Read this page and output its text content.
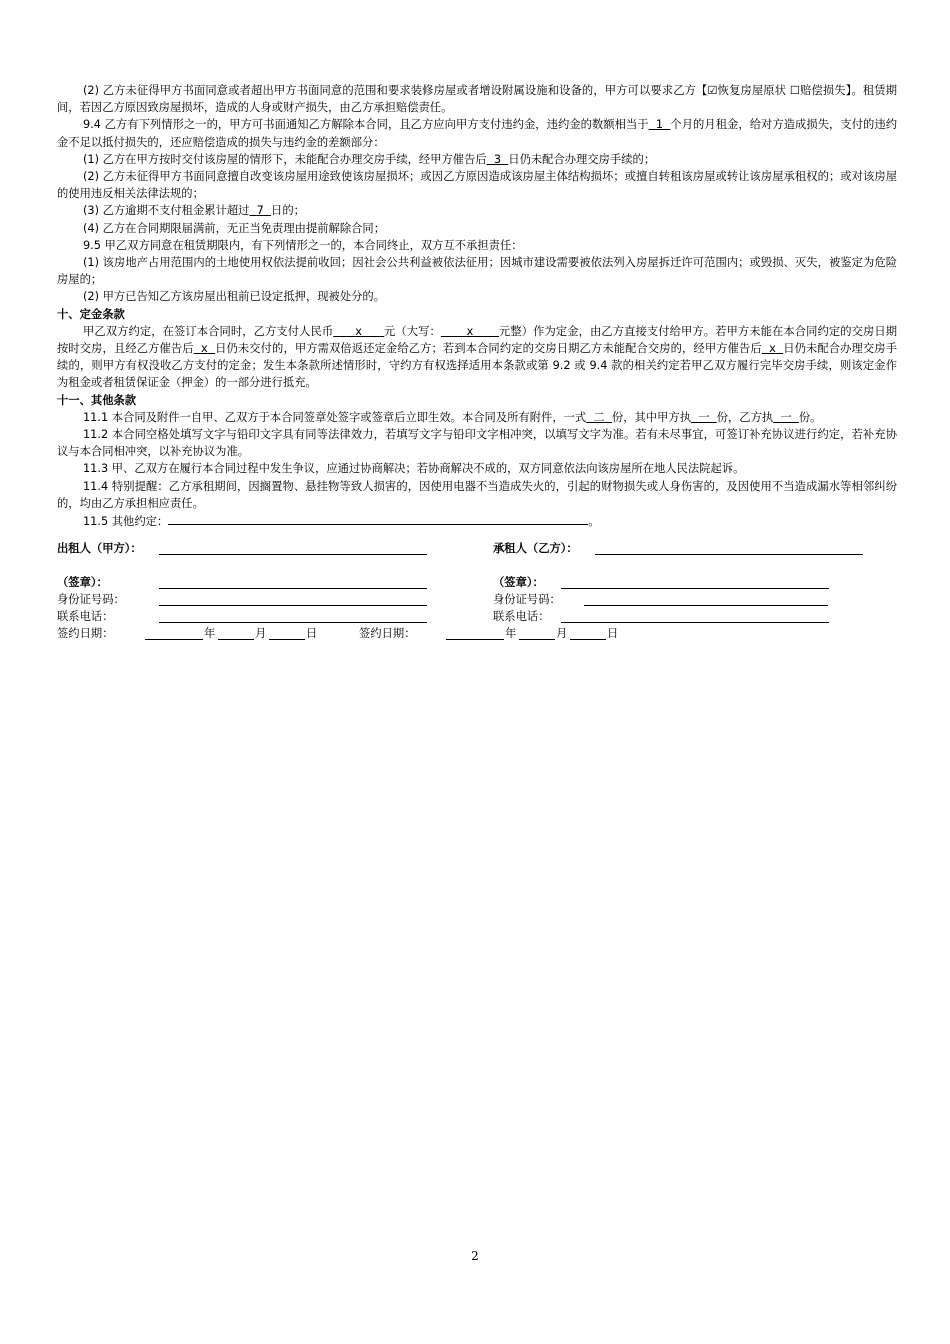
(2) 乙方未征得甲方书面同意或者超出甲方书面同意的范围和要求装修房屋或者增设附属设施和设备的，甲方可以要求乙方【☑恢复房屋原状 ☐赔偿损失】。租赁期间，若因乙方原因致房屋损坏，造成的人身或财产损失，由乙方承担赔偿责任。

9.4 乙方有下列情形之一的，甲方可书面通知乙方解除本合同，且乙方应向甲方支付违约金，违约金的数额相当于 1 个月的月租金，给对方造成损失，支付的违约金不足以抵付损失的，还应赔偿造成的损失与违约金的差额部分：

(1) 乙方在甲方按时交付该房屋的情形下，未能配合办理交房手续，经甲方催告后 3 日仍未配合办理交房手续的；

(2) 乙方未征得甲方书面同意擅自改变该房屋用途致使该房屋损坏；或因乙方原因造成该房屋主体结构损坏；或擅自转租该房屋或转让该房屋承租权的；或对该房屋的使用违反相关法律法规的；

(3) 乙方逾期不支付租金累计超过 7 日的；

(4) 乙方在合同期限届满前，无正当免责理由提前解除合同；

9.5 甲乙双方同意在租赁期限内，有下列情形之一的，本合同终止，双方互不承担责任：

(1) 该房地产占用范围内的土地使用权依法提前收回；因社会公共利益被依法征用；因城市建设需要被依法列入房屋拆迁许可范围内；或毁损、灭失，被鉴定为危险房屋的；

(2) 甲方已告知乙方该房屋出租前已设定抵押，现被处分的。

十、定金条款

甲乙双方约定，在签订本合同时，乙方支付人民币 x 元（大写： x 元整）作为定金，由乙方直接支付给甲方。若甲方未能在本合同约定的交房日期按时交房，且经乙方催告后 x 日仍未交付的，甲方需双倍返还定金给乙方；若到本合同约定的交房日期乙方未能配合交房的，经甲方催告后 x 日仍未配合办理交房手续的，则甲方有权没收乙方支付的定金；发生本条款所述情形时，守约方有权选择适用本条款或第 9.2 或 9.4 款的相关约定若甲乙双方履行完毕交房手续，则该定金作为租金或者租赁保证金（押金）的一部分进行抵充。

十一、其他条款

11.1 本合同及附件一自甲、乙双方于本合同签章处签字或签章后立即生效。本合同及所有附件，一式 二 份，其中甲方执 一 份，乙方执 一 份。

11.2 本合同空格处填写文字与铅印文字具有同等法律效力，若填写文字与铅印文字相冲突，以填写文字为准。若有未尽事宜，可签订补充协议进行约定，若补充协议与本合同相冲突，以补充协议为准。

11.3 甲、乙双方在履行本合同过程中发生争议，应通过协商解决；若协商解决不成的，双方同意依法向该房屋所在地人民法院起诉。

11.4 特别提醒：乙方承租期间，因搁置物、悬挂物等致人损害的，因使用电器不当造成失火的，引起的财物损失或人身伤害的，及因使用不当造成漏水等相邻纠纷的，均由乙方承担相应责任。

11.5 其他约定：	。

出租人（甲方）：	承租人（乙方）：
（签章）：	（签章）：
身份证号码：	身份证号码：
联系电话：	联系电话：
签约日期：	年	月	日	签约日期：	年	月	日
2
